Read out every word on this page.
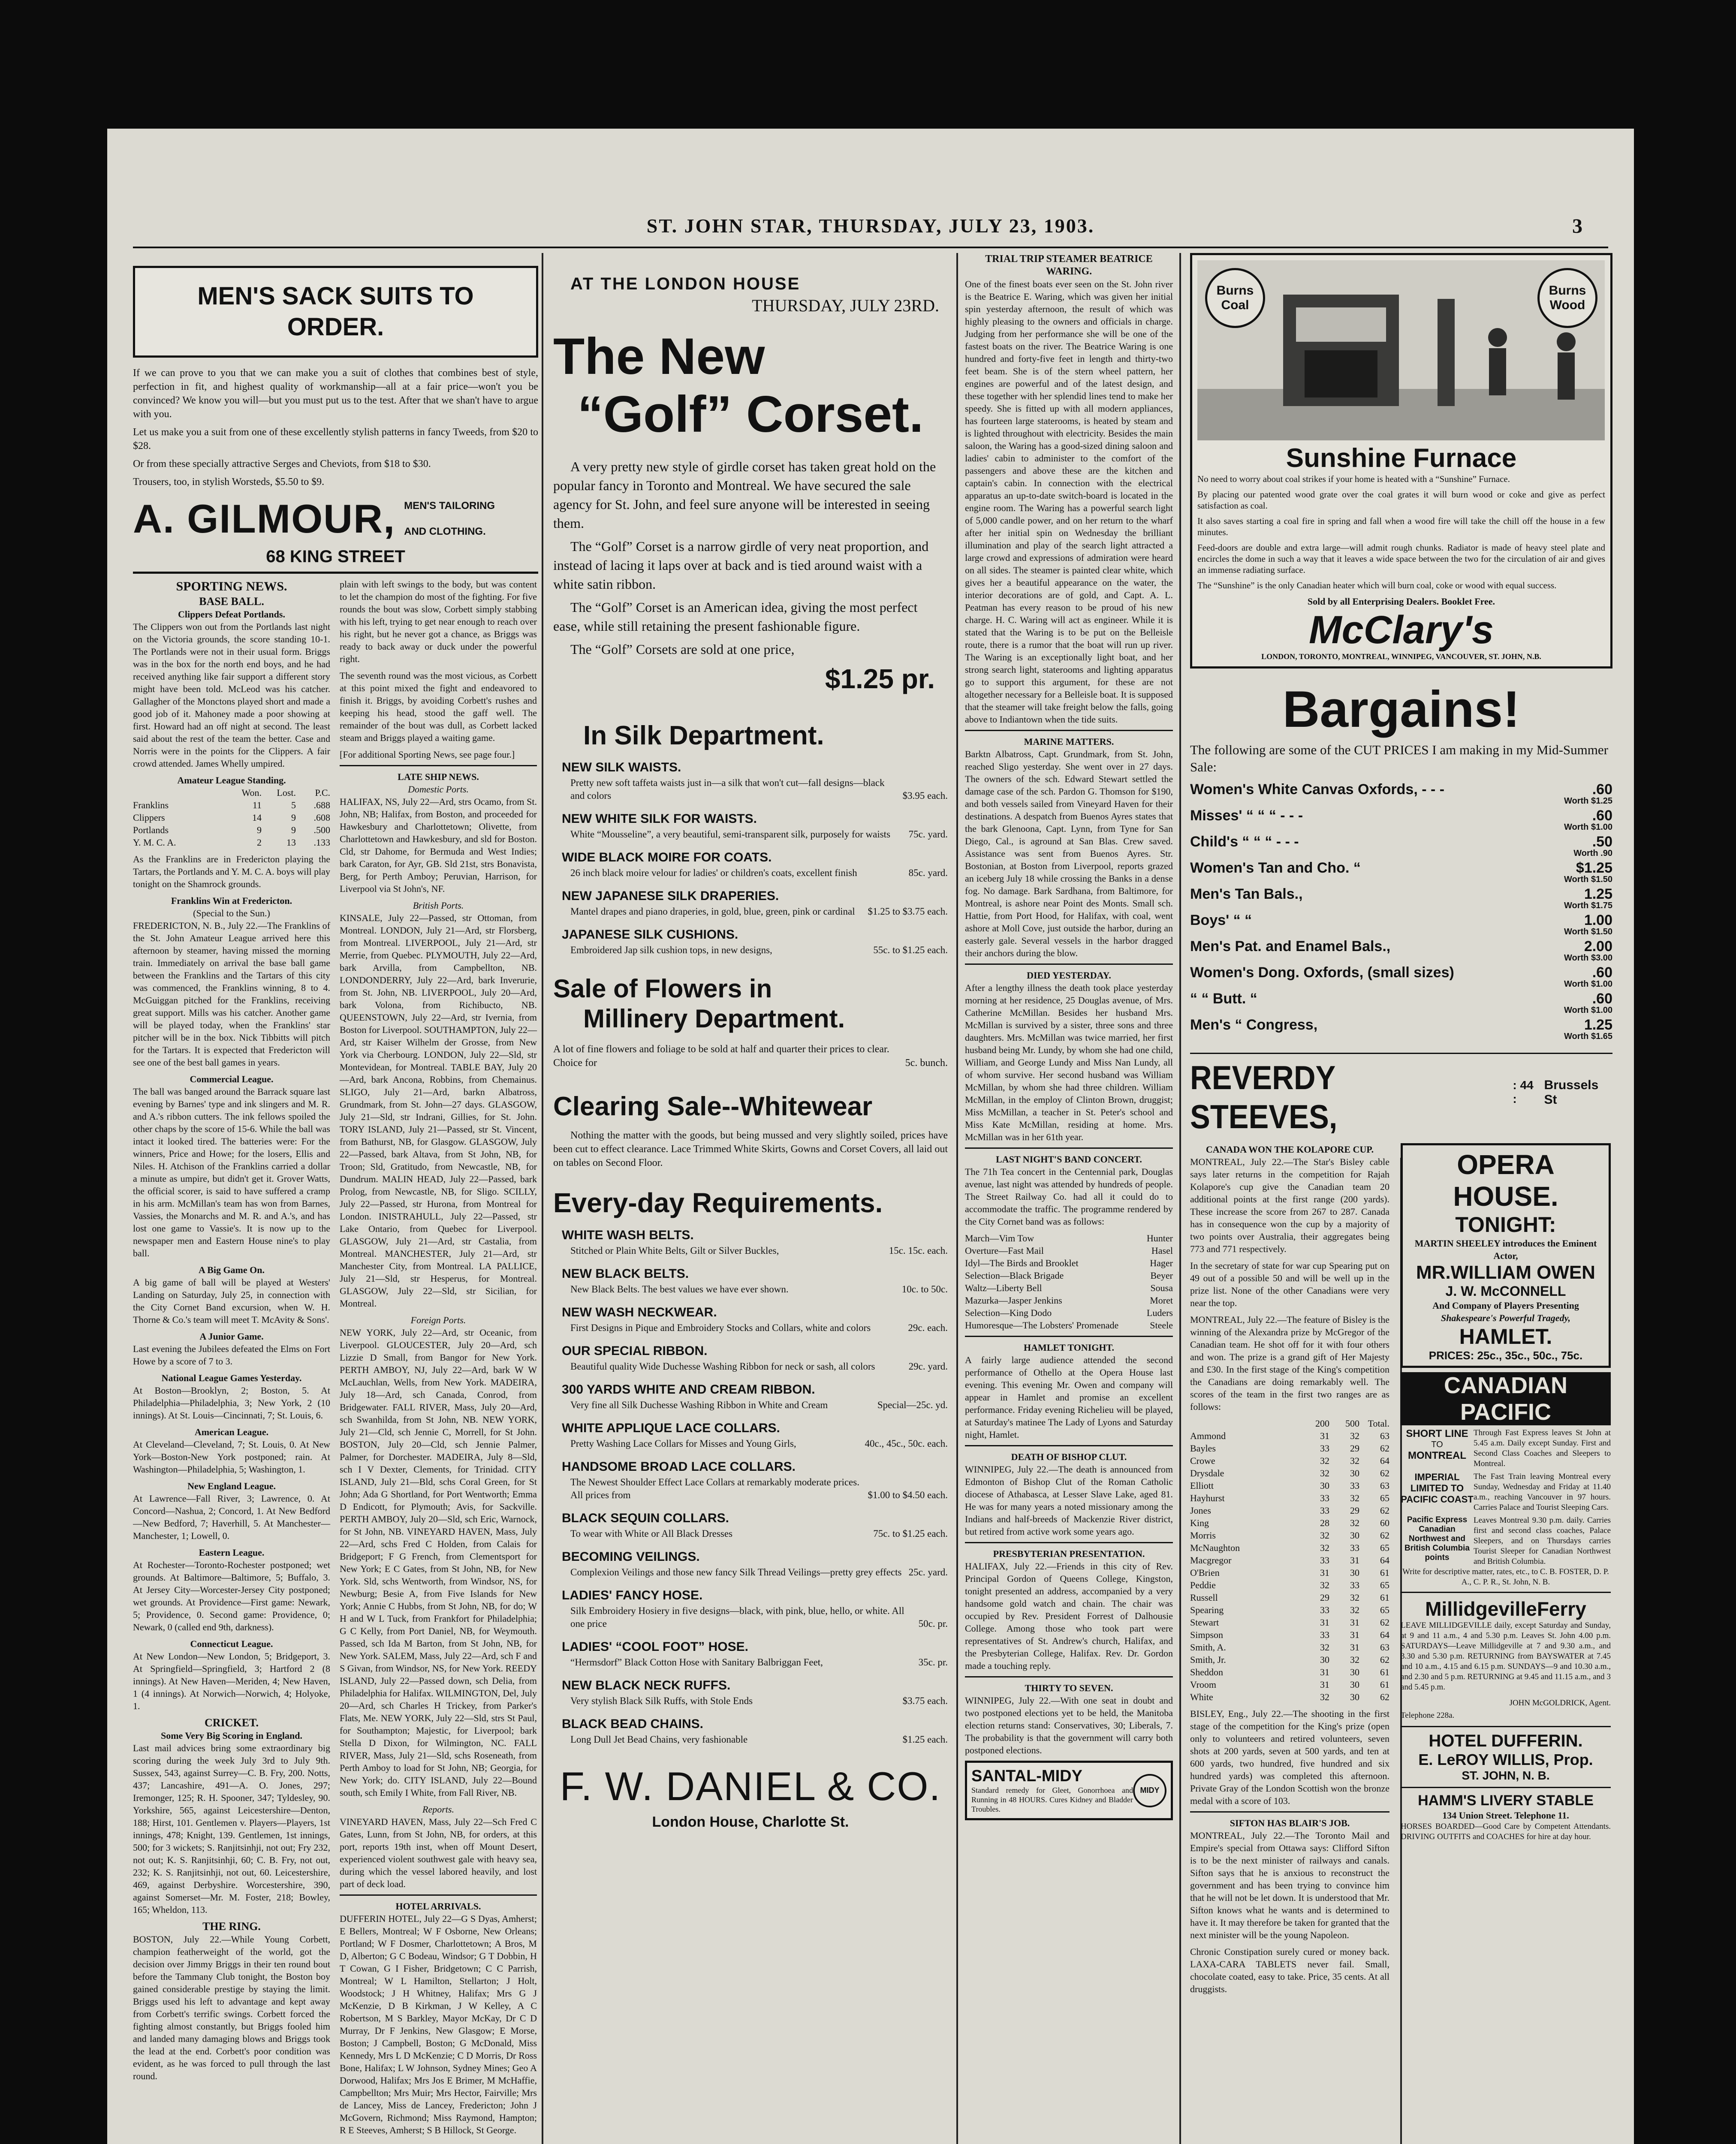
ST. JOHN STAR, THURSDAY, JULY 23, 1903.	3
MEN'S SACK SUITS TO ORDER.

If we can prove to you that we can make you a suit of clothes that combines best of style, perfection in fit, and highest quality of workmanship—all at a fair price—won't you be convinced? We know you will—but you must put us to the test. After that we shan't have to argue with you.

Let us make you a suit from one of these excellently stylish patterns in fancy Tweeds, from $20 to $28.

Or from these specially attractive Serges and Cheviots, from $18 to $30.

Trousers, too, in stylish Worsteds, $5.50 to $9.

A. GILMOUR, MEN'S TAILORING
AND CLOTHING.
68 KING STREET
SPORTING NEWS.
BASE BALL.
Clippers Defeat Portlands.

The Clippers won out from the Portlands last night on the Victoria grounds, the score standing 10-1. The Portlands were not in their usual form. Briggs was in the box for the north end boys, and he had received anything like fair support a different story might have been told. McLeod was his catcher. Gallagher of the Monctons played short and made a good job of it. Mahoney made a poor showing at first. Howard had an off night at second. The least said about the rest of the team the better. Case and Norris were in the points for the Clippers. A fair crowd attended. James Whelly umpired.

Amateur League Standing.
Won.	Lost.	P.C.
Franklins	11	5	.688
Clippers	14	9	.608
Portlands	9	9	.500
Y. M. C. A.	2	13	.133

As the Franklins are in Fredericton playing the Tartars, the Portlands and Y. M. C. A. boys will play tonight on the Shamrock grounds.

Franklins Win at Fredericton.
(Special to the Sun.)

FREDERICTON, N. B., July 22.—The Franklins of the St. John Amateur League arrived here this afternoon by steamer, having missed the morning train. Immediately on arrival the base ball game between the Franklins and the Tartars of this city was commenced, the Franklins winning, 8 to 4. McGuiggan pitched for the Franklins, receiving great support. Mills was his catcher. Another game will be played today, when the Franklins' star pitcher will be in the box. Nick Tibbitts will pitch for the Tartars. It is expected that Fredericton will see one of the best ball games in years.

Commercial League.

The ball was banged around the Barrack square last evening by Barnes' type and ink slingers and M. R. and A.'s ribbon cutters. The ink fellows spoiled the other chaps by the score of 15-6. While the ball was intact it looked tired. The batteries were: For the winners, Price and Howe; for the losers, Ellis and Niles. H. Atchison of the Franklins carried a dollar a minute as umpire, but didn't get it. Grover Watts, the official scorer, is said to have suffered a cramp in his arm. McMillan's team has won from Barnes, Vassies, the Monarchs and M. R. and A.'s, and has lost one game to Vassie's. It is now up to the newspaper men and Eastern House nine's to play ball.

A Big Game On.

A big game of ball will be played at Westers' Landing on Saturday, July 25, in connection with the City Cornet Band excursion, when W. H. Thorne & Co.'s team will meet T. McAvity & Sons'.

A Junior Game.

Last evening the Jubilees defeated the Elms on Fort Howe by a score of 7 to 3.

National League Games Yesterday.

At Boston—Brooklyn, 2; Boston, 5. At Philadelphia—Philadelphia, 3; New York, 2 (10 innings). At St. Louis—Cincinnati, 7; St. Louis, 6.

American League.

At Cleveland—Cleveland, 7; St. Louis, 0. At New York—Boston-New York postponed; rain. At Washington—Philadelphia, 5; Washington, 1.

New England League.

At Lawrence—Fall River, 3; Lawrence, 0. At Concord—Nashua, 2; Concord, 1. At New Bedford—New Bedford, 7; Haverhill, 5. At Manchester—Manchester, 1; Lowell, 0.

Eastern League.

At Rochester—Toronto-Rochester postponed; wet grounds. At Baltimore—Baltimore, 5; Buffalo, 3. At Jersey City—Worcester-Jersey City postponed; wet grounds. At Providence—First game: Newark, 5; Providence, 0. Second game: Providence, 0; Newark, 0 (called end 9th, darkness).

Connecticut League.

At New London—New London, 5; Bridgeport, 3. At Springfield—Springfield, 3; Hartford 2 (8 innings). At New Haven—Meriden, 4; New Haven, 1 (4 innings). At Norwich—Norwich, 4; Holyoke, 1.

CRICKET.
Some Very Big Scoring in England.

Last mail advices bring some extraordinary big scoring during the week July 3rd to July 9th. Sussex, 543, against Surrey—C. B. Fry, 200. Notts, 437; Lancashire, 491—A. O. Jones, 297; Iremonger, 125; R. H. Spooner, 347; Tyldesley, 90. Yorkshire, 565, against Leicestershire—Denton, 188; Hirst, 101. Gentlemen v. Players—Players, 1st innings, 478; Knight, 139. Gentlemen, 1st innings, 500; for 3 wickets; S. Ranjitsinhji, not out; Fry 232, not out; K. S. Ranjitsinhji, 60; C. B. Fry, not out, 232; K. S. Ranjitsinhji, not out, 60. Leicestershire, 469, against Derbyshire. Worcestershire, 390, against Somerset—Mr. M. Foster, 218; Bowley, 165; Wheldon, 113.

THE RING.

BOSTON, July 22.—While Young Corbett, champion featherweight of the world, got the decision over Jimmy Briggs in their ten round bout before the Tammany Club tonight, the Boston boy gained considerable prestige by staying the limit. Briggs used his left to advantage and kept away from Corbett's terrific swings. Corbett forced the fighting almost constantly, but Briggs fooled him and landed many damaging blows and Briggs took the lead at the end. Corbett's poor condition was evident, as he was forced to pull through the last round.

plain with left swings to the body, but was content to let the champion do most of the fighting. For five rounds the bout was slow, Corbett simply stabbing with his left, trying to get near enough to reach over his right, but he never got a chance, as Briggs was ready to back away or duck under the powerful right.

The seventh round was the most vicious, as Corbett at this point mixed the fight and endeavored to finish it. Briggs, by avoiding Corbett's rushes and keeping his head, stood the gaff well. The remainder of the bout was dull, as Corbett lacked steam and Briggs played a waiting game.

[For additional Sporting News, see page four.]

LATE SHIP NEWS.
Domestic Ports.

HALIFAX, NS, July 22—Ard, strs Ocamo, from St. John, NB; Halifax, from Boston, and proceeded for Hawkesbury and Charlottetown; Olivette, from Charlottetown and Hawkesbury, and sld for Boston. Cld, str Dahome, for Bermuda and West Indies; bark Caraton, for Ayr, GB. Sld 21st, strs Bonavista, Berg, for Perth Amboy; Peruvian, Harrison, for Liverpool via St John's, NF.

British Ports.

KINSALE, July 22—Passed, str Ottoman, from Montreal. LONDON, July 21—Ard, str Florsberg, from Montreal. LIVERPOOL, July 21—Ard, str Merrie, from Quebec. PLYMOUTH, July 22—Ard, bark Arvilla, from Campbellton, NB. LONDONDERRY, July 22—Ard, bark Inverurie, from St. John, NB. LIVERPOOL, July 20—Ard, bark Volona, from Richibucto, NB. QUEENSTOWN, July 22—Ard, str Ivernia, from Boston for Liverpool. SOUTHAMPTON, July 22—Ard, str Kaiser Wilhelm der Grosse, from New York via Cherbourg. LONDON, July 22—Sld, str Montevidean, for Montreal. TABLE BAY, July 20—Ard, bark Ancona, Robbins, from Chemainus. SLIGO, July 21—Ard, barkn Albatross, Grundmark, from St. John—27 days. GLASGOW, July 21—Sld, str Indrani, Gillies, for St. John. TORY ISLAND, July 21—Passed, str St. Vincent, from Bathurst, NB, for Glasgow. GLASGOW, July 22—Passed, bark Altava, from St John, NB, for Troon; Sld, Gratitudo, from Newcastle, NB, for Dundrum. MALIN HEAD, July 22—Passed, bark Prolog, from Newcastle, NB, for Sligo. SCILLY, July 22—Passed, str Hurona, from Montreal for London. INISTRAHULL, July 22—Passed, str Lake Ontario, from Quebec for Liverpool. GLASGOW, July 21—Ard, str Castalia, from Montreal. MANCHESTER, July 21—Ard, str Manchester City, from Montreal. LA PALLICE, July 21—Sld, str Hesperus, for Montreal. GLASGOW, July 22—Sld, str Sicilian, for Montreal.

Foreign Ports.

NEW YORK, July 22—Ard, str Oceanic, from Liverpool. GLOUCESTER, July 20—Ard, sch Lizzie D Small, from Bangor for New York. PERTH AMBOY, NJ, July 22—Ard, bark W W McLauchlan, Wells, from New York. MADEIRA, July 18—Ard, sch Canada, Conrod, from Bridgewater. FALL RIVER, Mass, July 20—Ard, sch Swanhilda, from St John, NB. NEW YORK, July 21—Cld, sch Jennie C, Morrell, for St John. BOSTON, July 20—Cld, sch Jennie Palmer, Palmer, for Dorchester. MADEIRA, July 8—Sld, sch I V Dexter, Clements, for Trinidad. CITY ISLAND, July 21—Bld, schs Coral Green, for St John; Ada G Shortland, for Port Wentworth; Emma D Endicott, for Plymouth; Avis, for Sackville. PERTH AMBOY, July 20—Sld, sch Eric, Warnock, for St John, NB. VINEYARD HAVEN, Mass, July 22—Ard, schs Fred C Holden, from Calais for Bridgeport; F G French, from Clementsport for New York; E C Gates, from St John, NB, for New York. Sld, schs Wentworth, from Windsor, NS, for Newburg; Besie A, from Five Islands for New York; Annie C Hubbs, from St John, NB, for do; W H and W L Tuck, from Frankfort for Philadelphia; G C Kelly, from Port Daniel, NB, for Weymouth. Passed, sch Ida M Barton, from St John, NB, for New York. SALEM, Mass, July 22—Ard, sch F and S Givan, from Windsor, NS, for New York. REEDY ISLAND, July 22—Passed down, sch Delia, from Philadelphia for Halifax. WILMINGTON, Del, July 20—Ard, sch Charles H Trickey, from Parker's Flats, Me. NEW YORK, July 22—Sld, strs St Paul, for Southampton; Majestic, for Liverpool; bark Stella D Dixon, for Wilmington, NC. FALL RIVER, Mass, July 21—Sld, schs Roseneath, from Perth Amboy to load for St John, NB; Georgia, for New York; do. CITY ISLAND, July 22—Bound south, sch Emily I White, from Fall River, NB.

Reports.

VINEYARD HAVEN, Mass, July 22—Sch Fred C Gates, Lunn, from St John, NB, for orders, at this port, reports 19th inst, when off Mount Desert, experienced violent southwest gale with heavy sea, during which the vessel labored heavily, and lost part of deck load.

HOTEL ARRIVALS.

DUFFERIN HOTEL, July 22—G S Dyas, Amherst; E Bellers, Montreal; W F Osborne, New Orleans; Portland; W F Dosmer, Charlottetown; A Bros, M D, Alberton; G C Bodeau, Windsor; G T Dobbin, H T Cowan, G I Fisher, Bridgetown; C C Parrish, Montreal; W L Hamilton, Stellarton; J Holt, Woodstock; J H Whitney, Halifax; Mrs G J McKenzie, D B Kirkman, J W Kelley, A C Robertson, M S Barkley, Mayor McKay, Dr C D Murray, Dr F Jenkins, New Glasgow; E Morse, Boston; J Campbell, Boston; G McDonald, Miss Kennedy, Mrs L D McKenzie; C D Morris, Dr Ross Bone, Halifax; L W Johnson, Sydney Mines; Geo A Dorwood, Halifax; Mrs Jos E Brimer, M McHaffie, Campbellton; Mrs Muir; Mrs Hector, Fairville; Mrs de Lancey, Miss de Lancey, Fredericton; John J McGovern, Richmond; Miss Raymond, Hampton; R E Steeves, Amherst; S B Hillock, St George.

AT THE LONDON HOUSE
THURSDAY, JULY 23RD.
The New
“Golf” Corset.

A very pretty new style of girdle corset has taken great hold on the popular fancy in Toronto and Montreal. We have secured the sale agency for St. John, and feel sure anyone will be interested in seeing them.

The “Golf” Corset is a narrow girdle of very neat proportion, and instead of lacing it laps over at back and is tied around waist with a white satin ribbon.

The “Golf” Corset is an American idea, giving the most perfect ease, while still retaining the present fashionable figure.

The “Golf” Corsets are sold at one price,

$1.25 pr.
In Silk Department.
NEW SILK WAISTS.
Pretty new soft taffeta waists just in—a silk that won't cut—fall designs—black and colors	$3.95 each.
NEW WHITE SILK FOR WAISTS.
White “Mousseline”, a very beautiful, semi-transparent silk, purposely for waists	75c. yard.
WIDE BLACK MOIRE FOR COATS.
26 inch black moire velour for ladies' or children's coats, excellent finish	85c. yard.
NEW JAPANESE SILK DRAPERIES.
Mantel drapes and piano draperies, in gold, blue, green, pink or cardinal	$1.25 to $3.75 each.
JAPANESE SILK CUSHIONS.
Embroidered Jap silk cushion tops, in new designs,	55c. to $1.25 each.
Sale of Flowers in
Millinery Department.
A lot of fine flowers and foliage to be sold at half and quarter their prices to clear. Choice for	5c. bunch.
Clearing Sale--Whitewear

Nothing the matter with the goods, but being mussed and very slightly soiled, prices have been cut to effect clearance. Lace Trimmed White Skirts, Gowns and Corset Covers, all laid out on tables on Second Floor.

Every-day Requirements.
WHITE WASH BELTS.
Stitched or Plain White Belts, Gilt or Silver Buckles,	15c. 15c. each.
NEW BLACK BELTS.
New Black Belts. The best values we have ever shown.	10c. to 50c.
NEW WASH NECKWEAR.
First Designs in Pique and Embroidery Stocks and Collars, white and colors	29c. each.
OUR SPECIAL RIBBON.
Beautiful quality Wide Duchesse Washing Ribbon for neck or sash, all colors	29c. yard.
300 YARDS WHITE AND CREAM RIBBON.
Very fine all Silk Duchesse Washing Ribbon in White and Cream	Special—25c. yd.
WHITE APPLIQUE LACE COLLARS.
Pretty Washing Lace Collars for Misses and Young Girls,	40c., 45c., 50c. each.
HANDSOME BROAD LACE COLLARS.
The Newest Shoulder Effect Lace Collars at remarkably moderate prices. All prices from	$1.00 to $4.50 each.
BLACK SEQUIN COLLARS.
To wear with White or All Black Dresses	75c. to $1.25 each.
BECOMING VEILINGS.
Complexion Veilings and those new fancy Silk Thread Veilings—pretty grey effects 25c. yard.
LADIES' FANCY HOSE.
Silk Embroidery Hosiery in five designs—black, with pink, blue, hello, or white. All one price	50c. pr.
LADIES' “COOL FOOT” HOSE.
“Hermsdorf” Black Cotton Hose with Sanitary Balbriggan Feet,	35c. pr.
NEW BLACK NECK RUFFS.
Very stylish Black Silk Ruffs, with Stole Ends	$3.75 each.
BLACK BEAD CHAINS.
Long Dull Jet Bead Chains, very fashionable	$1.25 each.
F. W. DANIEL & CO.
London House, Charlotte St.
TRIAL TRIP STEAMER BEATRICE WARING.

One of the finest boats ever seen on the St. John river is the Beatrice E. Waring, which was given her initial spin yesterday afternoon, the result of which was highly pleasing to the owners and officials in charge. Judging from her performance she will be one of the fastest boats on the river. The Beatrice Waring is one hundred and forty-five feet in length and thirty-two feet beam. She is of the stern wheel pattern, her engines are powerful and of the latest design, and these together with her splendid lines tend to make her speedy. She is fitted up with all modern appliances, has fourteen large staterooms, is heated by steam and is lighted throughout with electricity. Besides the main saloon, the Waring has a good-sized dining saloon and ladies' cabin to administer to the comfort of the passengers and above these are the kitchen and captain's cabin. In connection with the electrical apparatus an up-to-date switch-board is located in the engine room. The Waring has a powerful search light of 5,000 candle power, and on her return to the wharf after her initial spin on Wednesday the brilliant illumination and play of the search light attracted a large crowd and expressions of admiration were heard on all sides. The steamer is painted clear white, which gives her a beautiful appearance on the water, the interior decorations are of gold, and Capt. A. L. Peatman has every reason to be proud of his new charge. H. C. Waring will act as engineer. While it is stated that the Waring is to be put on the Belleisle route, there is a rumor that the boat will run up river. The Waring is an exceptionally light boat, and her strong search light, staterooms and lighting apparatus go to support this argument, for these are not altogether necessary for a Belleisle boat. It is supposed that the steamer will take freight below the falls, going above to Indiantown when the tide suits.

MARINE MATTERS.

Barktn Albatross, Capt. Grundmark, from St. John, reached Sligo yesterday. She went over in 27 days. The owners of the sch. Edward Stewart settled the damage case of the sch. Pardon G. Thomson for $190, and both vessels sailed from Vineyard Haven for their destinations. A despatch from Buenos Ayres states that the bark Glenoona, Capt. Lynn, from Tyne for San Diego, Cal., is aground at San Blas. Crew saved. Assistance was sent from Buenos Ayres. Str. Bostonian, at Boston from Liverpool, reports grazed an iceberg July 18 while crossing the Banks in a dense fog. No damage. Bark Sardhana, from Baltimore, for Montreal, is ashore near Point des Monts. Small sch. Hattie, from Port Hood, for Halifax, with coal, went ashore at Moll Cove, just outside the harbor, during an easterly gale. Several vessels in the harbor dragged their anchors during the blow.

DIED YESTERDAY.

After a lengthy illness the death took place yesterday morning at her residence, 25 Douglas avenue, of Mrs. Catherine McMillan. Besides her husband Mrs. McMillan is survived by a sister, three sons and three daughters. Mrs. McMillan was twice married, her first husband being Mr. Lundy, by whom she had one child, William, and George Lundy and Miss Nan Lundy, all of whom survive. Her second husband was William McMillan, by whom she had three children. William McMillan, in the employ of Clinton Brown, druggist; Miss McMillan, a teacher in St. Peter's school and Miss Kate McMillan, residing at home. Mrs. McMillan was in her 61th year.

LAST NIGHT'S BAND CONCERT.

The 71h Tea concert in the Centennial park, Douglas avenue, last night was attended by hundreds of people. The Street Railway Co. had all it could do to accommodate the traffic. The programme rendered by the City Cornet band was as follows:

March—Vim Tow	Hunter
Overture—Fast Mail	Hasel
Idyl—The Birds and Brooklet	Hager
Selection—Black Brigade	Beyer
Waltz—Liberty Bell	Sousa
Mazurka—Jasper Jenkins	Moret
Selection—King Dodo	Luders
Humoresque—The Lobsters' Promenade	Steele
HAMLET TONIGHT.

A fairly large audience attended the second performance of Othello at the Opera House last evening. This evening Mr. Owen and company will appear in Hamlet and promise an excellent performance. Friday evening Richelieu will be played, at Saturday's matinee The Lady of Lyons and Saturday night, Hamlet.

DEATH OF BISHOP CLUT.

WINNIPEG, July 22.—The death is announced from Edmonton of Bishop Clut of the Roman Catholic diocese of Athabasca, at Lesser Slave Lake, aged 81. He was for many years a noted missionary among the Indians and half-breeds of Mackenzie River district, but retired from active work some years ago.

PRESBYTERIAN PRESENTATION.

HALIFAX, July 22.—Friends in this city of Rev. Principal Gordon of Queens College, Kingston, tonight presented an address, accompanied by a very handsome gold watch and chain. The chair was occupied by Rev. President Forrest of Dalhousie College. Among those who took part were representatives of St. Andrew's church, Halifax, and the Presbyterian College, Halifax. Rev. Dr. Gordon made a touching reply.

THIRTY TO SEVEN.

WINNIPEG, July 22.—With one seat in doubt and two postponed elections yet to be held, the Manitoba election returns stand: Conservatives, 30; Liberals, 7. The probability is that the government will carry both postponed elections.

SANTAL-MIDY
Standard remedy for Gleet, Gonorrhoea and Running in 48 HOURS. Cures Kidney and Bladder Troubles.
MIDY
Burns Coal
Burns Wood
Sunshine Furnace

No need to worry about coal strikes if your home is heated with a “Sunshine” Furnace.

By placing our patented wood grate over the coal grates it will burn wood or coke and give as perfect satisfaction as coal.

It also saves starting a coal fire in spring and fall when a wood fire will take the chill off the house in a few minutes.

Feed-doors are double and extra large—will admit rough chunks. Radiator is made of heavy steel plate and encircles the dome in such a way that it leaves a wide space between the two for the circulation of air and gives an immense radiating surface.

The “Sunshine” is the only Canadian heater which will burn coal, coke or wood with equal success.

Sold by all Enterprising Dealers. Booklet Free.
McClary's
LONDON, TORONTO, MONTREAL, WINNIPEG, VANCOUVER, ST. JOHN, N.B.
Bargains!
The following are some of the CUT PRICES I am making in my Mid-Summer Sale:
Women's White Canvas Oxfords, - - -	.60
Worth $1.25
Misses' “ “ “ - - -	.60
Worth $1.00
Child's “ “ “ - - -	.50
Worth .90
Women's Tan and Cho. “	$1.25
Worth $1.50
Men's Tan Bals.,	1.25
Worth $1.75
Boys' “ “	1.00
Worth $1.50
Men's Pat. and Enamel Bals.,	2.00
Worth $3.00
Women's Dong. Oxfords, (small sizes)	.60
Worth $1.00
“ “ Butt. “	.60
Worth $1.00
Men's “ Congress,	1.25
Worth $1.65
REVERDY STEEVES,
: 44 :
Brussels St
CANADA WON THE KOLAPORE CUP.

MONTREAL, July 22.—The Star's Bisley cable says later returns in the competition for Rajah Kolapore's cup give the Canadian team 20 additional points at the first range (200 yards). These increase the score from 267 to 287. Canada has in consequence won the cup by a majority of two points over Australia, their aggregates being 773 and 771 respectively.

In the secretary of state for war cup Spearing put on 49 out of a possible 50 and will be well up in the prize list. None of the other Canadians were very near the top.

MONTREAL, July 22.—The feature of Bisley is the winning of the Alexandra prize by McGregor of the Canadian team. He shot off for it with four others and won. The prize is a grand gift of Her Majesty and £30. In the first stage of the King's competition the Canadians are doing remarkably well. The scores of the team in the first two ranges are as follows:

200	500 Total.
Ammond	31	32	63
Bayles	33	29	62
Crowe	32	32	64
Drysdale	32	30	62
Elliott	30	33	63
Hayhurst	33	32	65
Jones	33	29	62
King	28	32	60
Morris	32	30	62
McNaughton	32	33	65
Macgregor	33	31	64
O'Brien	31	30	61
Peddie	32	33	65
Russell	29	32	61
Spearing	33	32	65
Stewart	31	31	62
Simpson	33	31	64
Smith, A.	32	31	63
Smith, Jr.	30	32	62
Sheddon	31	30	61
Vroom	31	30	61
White	32	30	62

BISLEY, Eng., July 22.—The shooting in the first stage of the competition for the King's prize (open only to volunteers and retired volunteers, seven shots at 200 yards, seven at 500 yards, and ten at 600 yards, two hundred, five hundred and six hundred yards) was completed this afternoon. Private Gray of the London Scottish won the bronze medal with a score of 103.

SIFTON HAS BLAIR'S JOB.

MONTREAL, July 22.—The Toronto Mail and Empire's special from Ottawa says: Clifford Sifton is to be the next minister of railways and canals. Sifton says that he is anxious to reconstruct the government and has been trying to convince him that he will not be let down. It is understood that Mr. Sifton knows what he wants and is determined to have it. It may therefore be taken for granted that the next minister will be the young Napoleon.

Chronic Constipation surely cured or money back. LAXA-CARA TABLETS never fail. Small, chocolate coated, easy to take. Price, 35 cents. At all druggists.

OPERA HOUSE.
TONIGHT:
MARTIN SHEELEY introduces the Eminent Actor,
MR.WILLIAM OWEN
J. W. McCONNELL
And Company of Players Presenting
Shakespeare's Powerful Tragedy,
HAMLET.
PRICES: 25c., 35c., 50c., 75c.
CANADIAN
PACIFIC
SHORT LINE
TO
MONTREAL
Through Fast Express leaves St John at 5.45 a.m. Daily except Sunday. First and Second Class Coaches and Sleepers to Montreal.
IMPERIAL LIMITED TO PACIFIC COAST
The Fast Train leaving Montreal every Sunday, Wednesday and Friday at 11.40 a.m., reaching Vancouver in 97 hours. Carries Palace and Tourist Sleeping Cars.
Pacific Express Canadian Northwest and British Columbia points
Leaves Montreal 9.30 p.m. daily. Carries first and second class coaches, Palace Sleepers, and on Thursdays carries Tourist Sleeper for Canadian Northwest and British Columbia.
Write for descriptive matter, rates, etc., to C. B. FOSTER, D. P. A., C. P. R., St. John, N. B.
MillidgevilleFerry

LEAVE MILLIDGEVILLE daily, except Saturday and Sunday, at 9 and 11 a.m., 4 and 5.30 p.m. Leaves St. John 4.00 p.m. SATURDAYS—Leave Millidgeville at 7 and 9.30 a.m., and 3.30 and 5.30 p.m. RETURNING from BAYSWATER at 7.45 and 10 a.m., 4.15 and 6.15 p.m. SUNDAYS—9 and 10.30 a.m., and 2.30 and 5 p.m. RETURNING at 9.45 and 11.15 a.m., and 3 and 5.45 p.m.

JOHN McGOLDRICK, Agent.
Telephone 228a.
HOTEL DUFFERIN.
E. LeROY WILLIS, Prop.
ST. JOHN, N. B.
HAMM'S LIVERY STABLE
134 Union Street. Telephone 11.

HORSES BOARDED—Good Care by Competent Attendants. DRIVING OUTFITS and COACHES for hire at day hour.
